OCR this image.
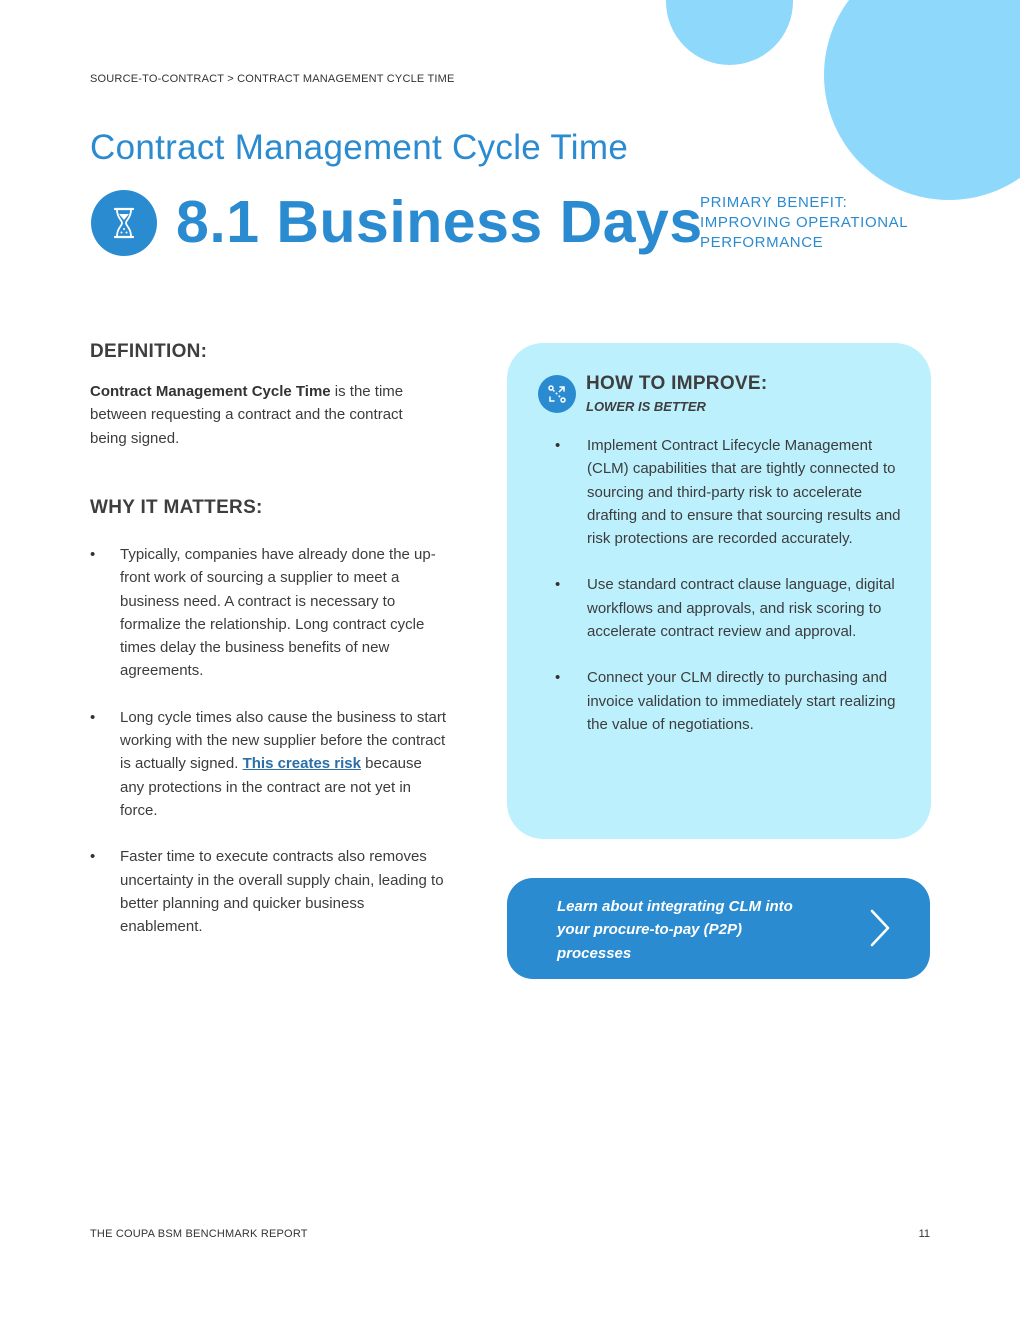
SOURCE-TO-CONTRACT > CONTRACT MANAGEMENT CYCLE TIME
Contract Management Cycle Time
8.1 Business Days
PRIMARY BENEFIT:
IMPROVING OPERATIONAL
PERFORMANCE
DEFINITION:

Contract Management Cycle Time is the time between requesting a contract and the contract being signed.

WHY IT MATTERS:
• Typically, companies have already done the up-front work of sourcing a supplier to meet a business need. A contract is necessary to formalize the relationship. Long contract cycle times delay the business benefits of new agreements.
• Long cycle times also cause the business to start working with the new supplier before the contract is actually signed. This creates risk because any protections in the contract are not yet in force.
• Faster time to execute contracts also removes uncertainty in the overall supply chain, leading to better planning and quicker business enablement.
HOW TO IMPROVE:
LOWER IS BETTER
• Implement Contract Lifecycle Management (CLM) capabilities that are tightly connected to sourcing and third-party risk to accelerate drafting and to ensure that sourcing results and risk protections are recorded accurately.
• Use standard contract clause language, digital workflows and approvals, and risk scoring to accelerate contract review and approval.
• Connect your CLM directly to purchasing and invoice validation to immediately start realizing the value of negotiations.
Learn about integrating CLM into your procure-to-pay (P2P) processes
THE COUPA BSM BENCHMARK REPORT	11
